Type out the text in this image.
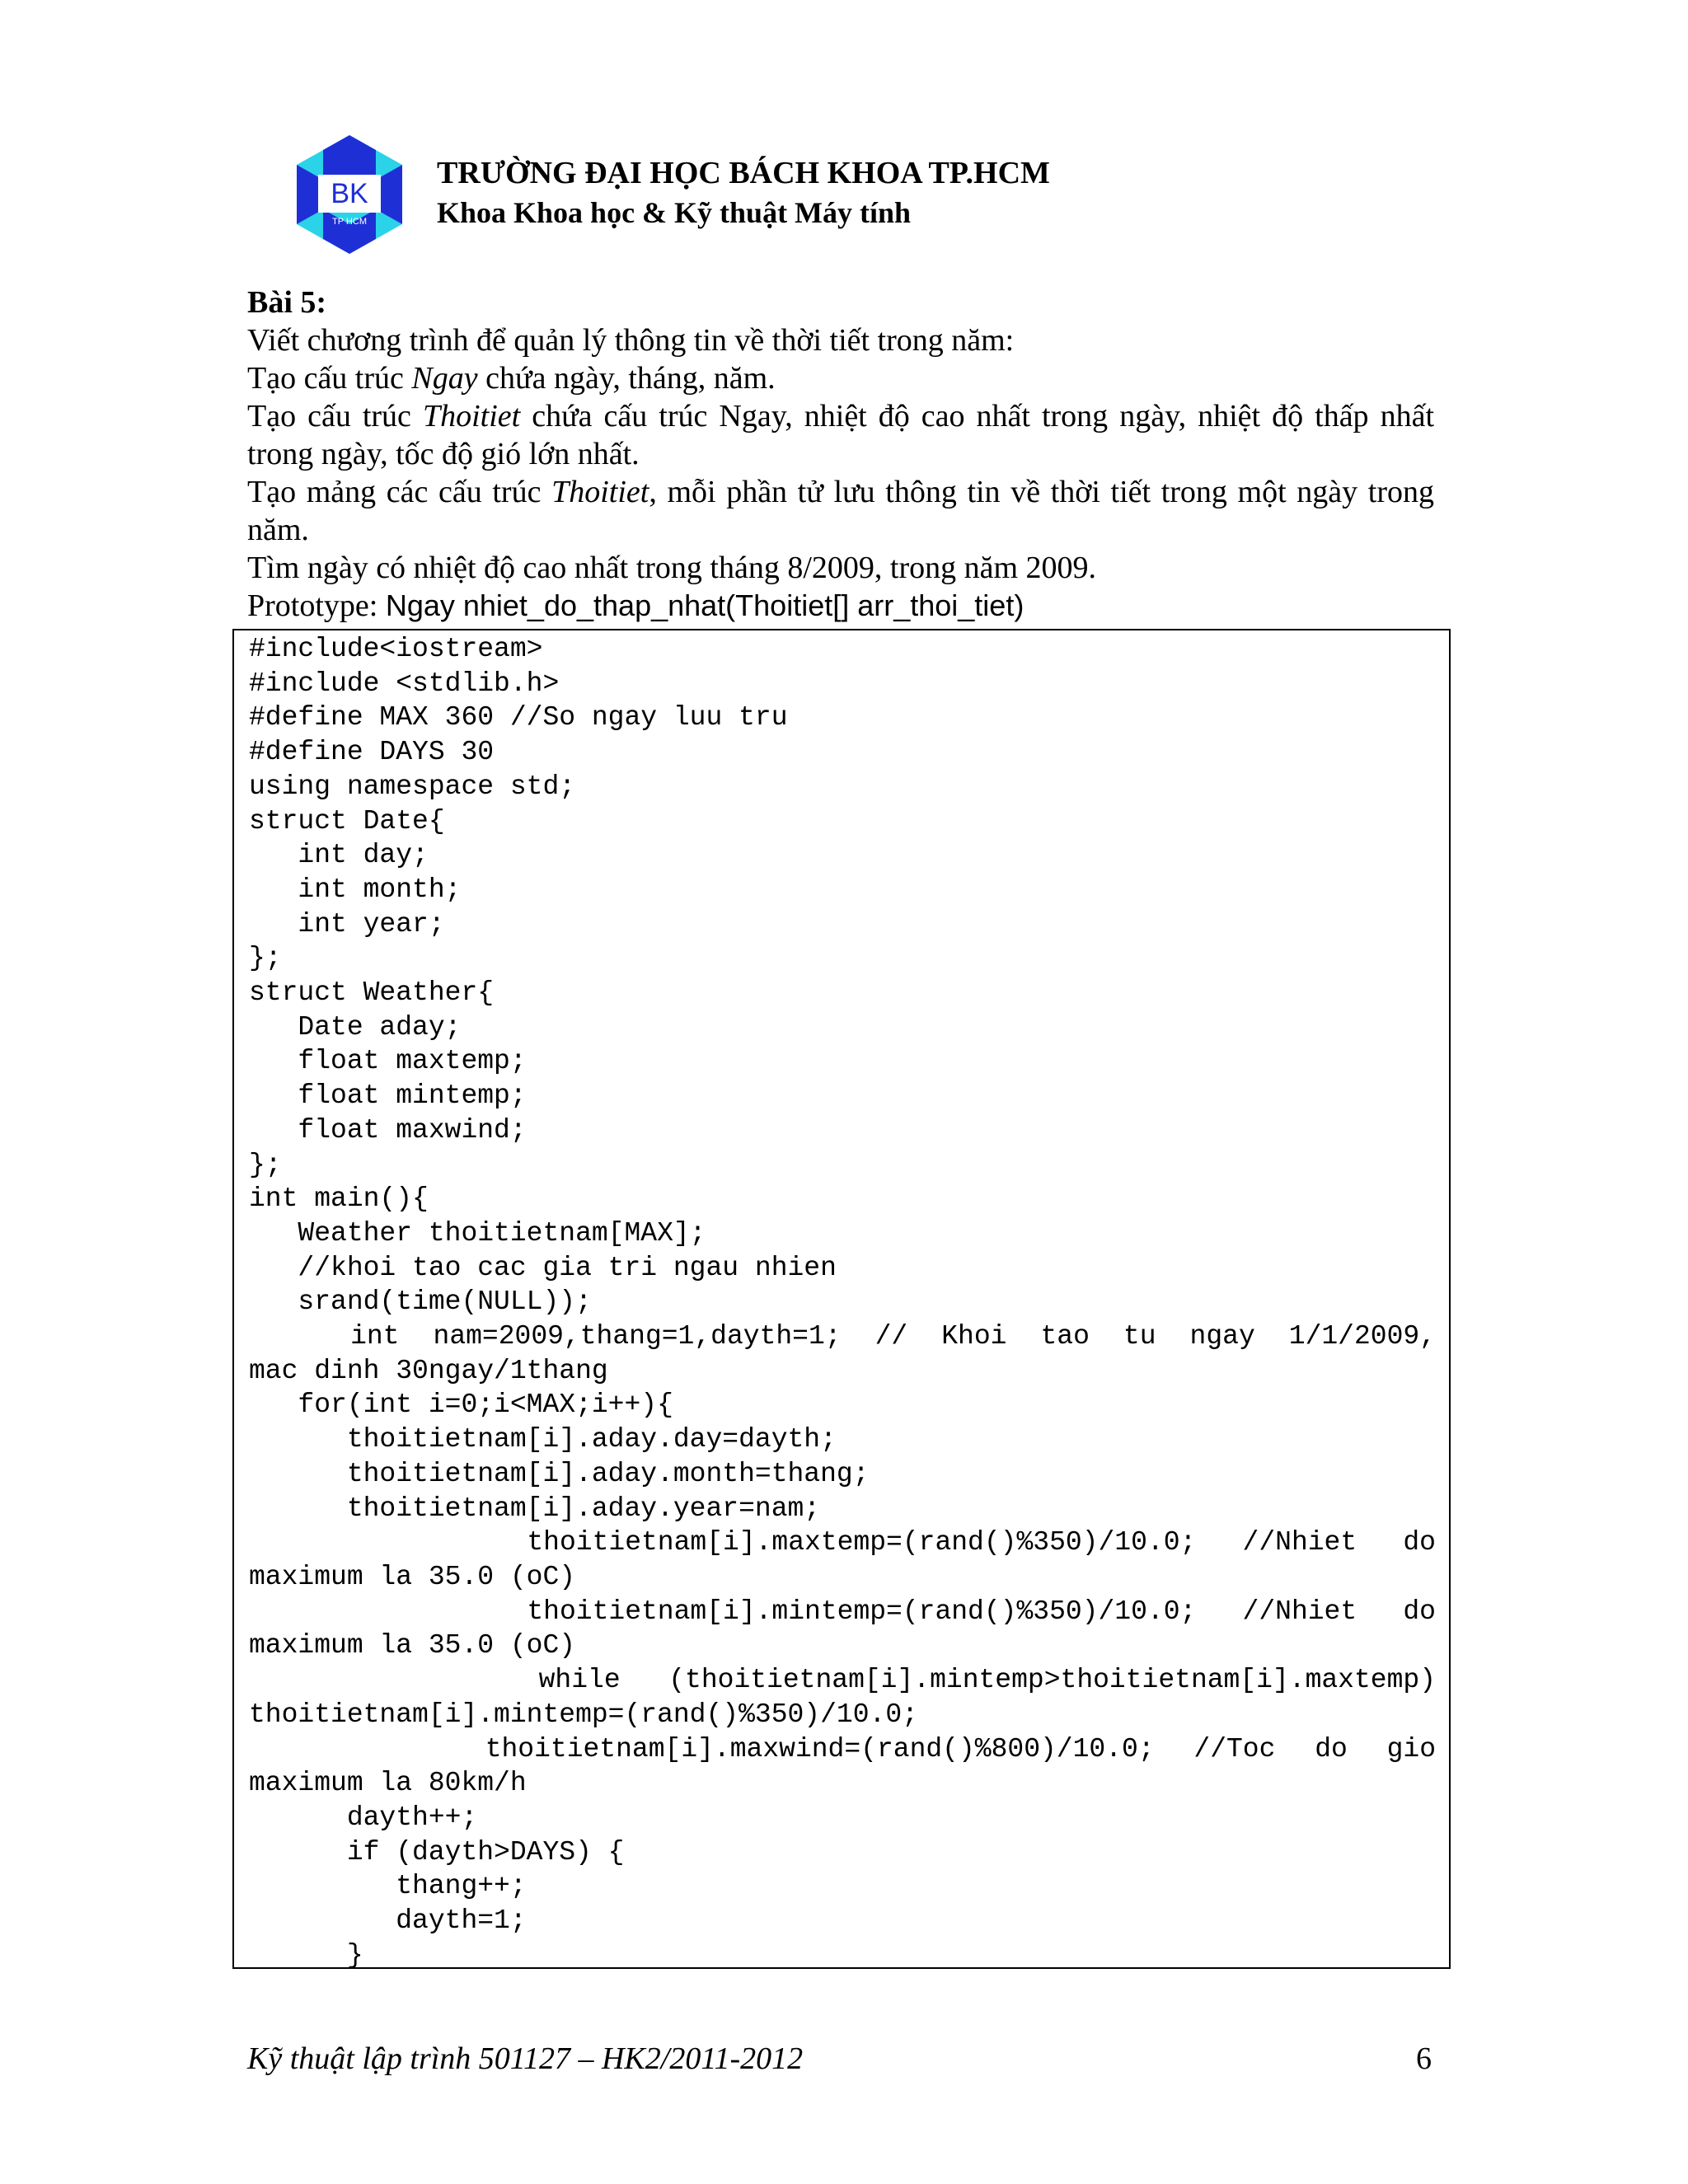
BK
TP HCM
TRƯỜNG ĐẠI HỌC BÁCH KHOA TP.HCM
Khoa Khoa học & Kỹ thuật Máy tính
Bài 5:
Viết chương trình để quản lý thông tin về thời tiết trong năm:
Tạo cấu trúc Ngay chứa ngày, tháng, năm.
Tạo cấu trúc Thoitiet chứa cấu trúc Ngay, nhiệt độ cao nhất trong ngày, nhiệt độ thấp nhất trong ngày, tốc độ gió lớn nhất.
Tạo mảng các cấu trúc Thoitiet, mỗi phần tử lưu thông tin về thời tiết trong một ngày trong năm.
Tìm ngày có nhiệt độ cao nhất trong tháng 8/2009, trong năm 2009.
Prototype: Ngay nhiet_do_thap_nhat(Thoitiet[] arr_thoi_tiet)
#include<iostream>
#include <stdlib.h>
#define MAX 360 //So ngay luu tru
#define DAYS 30
using namespace std;
struct Date{
int day;
int month;
int year;
};
struct Weather{
Date aday;
float maxtemp;
float mintemp;
float maxwind;
};
int main(){
Weather thoitietnam[MAX];
//khoi tao cac gia tri ngau nhien
srand(time(NULL));
int nam=2009,thang=1,dayth=1; // Khoi tao tu ngay 1/1/2009,
mac dinh 30ngay/1thang
for(int i=0;i<MAX;i++){
thoitietnam[i].aday.day=dayth;
thoitietnam[i].aday.month=thang;
thoitietnam[i].aday.year=nam;
thoitietnam[i].maxtemp=(rand()%350)/10.0; //Nhiet do
maximum la 35.0 (oC)
thoitietnam[i].mintemp=(rand()%350)/10.0; //Nhiet do
maximum la 35.0 (oC)
while (thoitietnam[i].mintemp>thoitietnam[i].maxtemp)
thoitietnam[i].mintemp=(rand()%350)/10.0;
thoitietnam[i].maxwind=(rand()%800)/10.0; //Toc do gio
maximum la 80km/h
dayth++;
if (dayth>DAYS) {
thang++;
dayth=1;
}
Kỹ thuật lập trình 501127 – HK2/2011-2012	6
